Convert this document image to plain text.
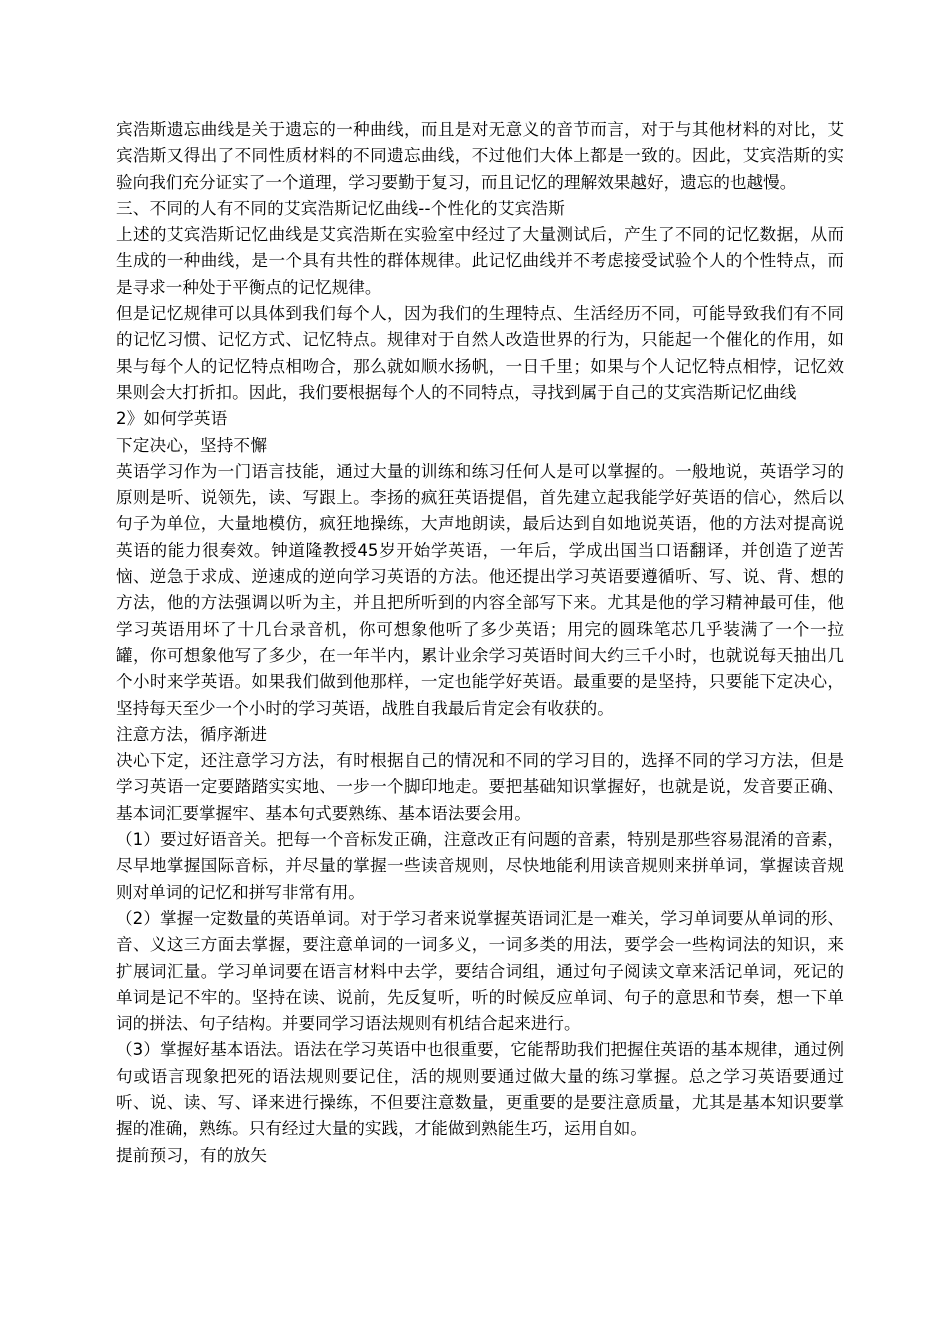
宾浩斯遗忘曲线是关于遗忘的一种曲线，而且是对无意义的音节而言，对于与其他材料的对比，艾宾浩斯又得出了不同性质材料的不同遗忘曲线，不过他们大体上都是一致的。因此，艾宾浩斯的实验向我们充分证实了一个道理，学习要勤于复习，而且记忆的理解效果越好，遗忘的也越慢。

三、不同的人有不同的艾宾浩斯记忆曲线--个性化的艾宾浩斯

上述的艾宾浩斯记忆曲线是艾宾浩斯在实验室中经过了大量测试后，产生了不同的记忆数据，从而生成的一种曲线，是一个具有共性的群体规律。此记忆曲线并不考虑接受试验个人的个性特点，而是寻求一种处于平衡点的记忆规律。

但是记忆规律可以具体到我们每个人，因为我们的生理特点、生活经历不同，可能导致我们有不同的记忆习惯、记忆方式、记忆特点。规律对于自然人改造世界的行为，只能起一个催化的作用，如果与每个人的记忆特点相吻合，那么就如顺水扬帆，一日千里；如果与个人记忆特点相悖，记忆效果则会大打折扣。因此，我们要根据每个人的不同特点，寻找到属于自己的艾宾浩斯记忆曲线

2》如何学英语

下定决心，坚持不懈

英语学习作为一门语言技能，通过大量的训练和练习任何人是可以掌握的。一般地说，英语学习的原则是听、说领先，读、写跟上。李扬的疯狂英语提倡，首先建立起我能学好英语的信心，然后以句子为单位，大量地模仿，疯狂地操练，大声地朗读，最后达到自如地说英语，他的方法对提高说英语的能力很奏效。钟道隆教授45岁开始学英语，一年后，学成出国当口语翻译，并创造了逆苦恼、逆急于求成、逆速成的逆向学习英语的方法。他还提出学习英语要遵循听、写、说、背、想的方法，他的方法强调以听为主，并且把所听到的内容全部写下来。尤其是他的学习精神最可佳，他学习英语用坏了十几台录音机，你可想象他听了多少英语；用完的圆珠笔芯几乎装满了一个一拉罐，你可想象他写了多少，在一年半内，累计业余学习英语时间大约三千小时，也就说每天抽出几个小时来学英语。如果我们做到他那样，一定也能学好英语。最重要的是坚持，只要能下定决心，坚持每天至少一个小时的学习英语，战胜自我最后肯定会有收获的。

注意方法，循序渐进

决心下定，还注意学习方法，有时根据自己的情况和不同的学习目的，选择不同的学习方法，但是学习英语一定要踏踏实实地、一步一个脚印地走。要把基础知识掌握好，也就是说，发音要正确、基本词汇要掌握牢、基本句式要熟练、基本语法要会用。

（1）要过好语音关。把每一个音标发正确，注意改正有问题的音素，特别是那些容易混淆的音素，尽早地掌握国际音标，并尽量的掌握一些读音规则，尽快地能利用读音规则来拼单词，掌握读音规则对单词的记忆和拼写非常有用。

（2）掌握一定数量的英语单词。对于学习者来说掌握英语词汇是一难关，学习单词要从单词的形、音、义这三方面去掌握，要注意单词的一词多义，一词多类的用法，要学会一些构词法的知识，来扩展词汇量。学习单词要在语言材料中去学，要结合词组，通过句子阅读文章来活记单词，死记的单词是记不牢的。坚持在读、说前，先反复听，听的时候反应单词、句子的意思和节奏，想一下单词的拼法、句子结构。并要同学习语法规则有机结合起来进行。

（3）掌握好基本语法。语法在学习英语中也很重要，它能帮助我们把握住英语的基本规律，通过例句或语言现象把死的语法规则要记住，活的规则要通过做大量的练习掌握。总之学习英语要通过听、说、读、写、译来进行操练，不但要注意数量，更重要的是要注意质量，尤其是基本知识要掌握的准确，熟练。只有经过大量的实践，才能做到熟能生巧，运用自如。

提前预习，有的放矢
